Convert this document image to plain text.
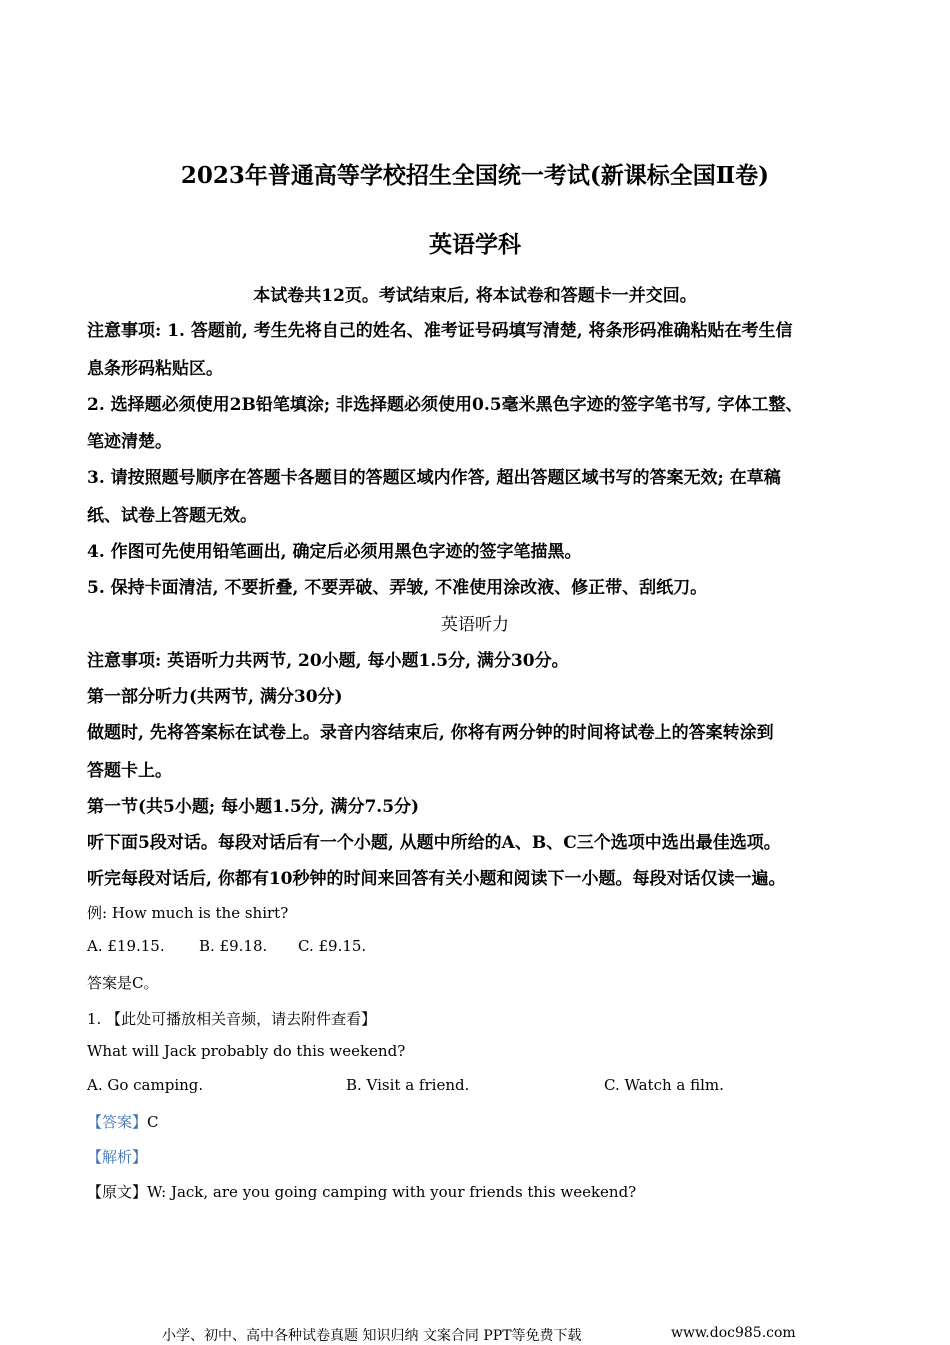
2023年普通高等学校招生全国统一考试(新课标全国Ⅱ卷)
英语学科
本试卷共12页。考试结束后, 将本试卷和答题卡一并交回。
注意事项: 1. 答题前, 考生先将自己的姓名、准考证号码填写清楚, 将条形码准确粘贴在考生信
息条形码粘贴区。
2. 选择题必须使用2B铅笔填涂; 非选择题必须使用0.5毫米黑色字迹的签字笔书写, 字体工整、
笔迹清楚。
3. 请按照题号顺序在答题卡各题目的答题区域内作答, 超出答题区域书写的答案无效; 在草稿
纸、试卷上答题无效。
4. 作图可先使用铅笔画出, 确定后必须用黑色字迹的签字笔描黑。
5. 保持卡面清洁, 不要折叠, 不要弄破、弄皱, 不准使用涂改液、修正带、刮纸刀。
英语听力
注意事项: 英语听力共两节, 20小题, 每小题1.5分, 满分30分。
第一部分听力(共两节, 满分30分)
做题时, 先将答案标在试卷上。录音内容结束后, 你将有两分钟的时间将试卷上的答案转涂到
答题卡上。
第一节(共5小题; 每小题1.5分, 满分7.5分)
听下面5段对话。每段对话后有一个小题, 从题中所给的A、B、C三个选项中选出最佳选项。
听完每段对话后, 你都有10秒钟的时间来回答有关小题和阅读下一小题。每段对话仅读一遍。
例: How much is the shirt?
A. £19.15. B. £9.18. C. £9.15.
答案是C。
1. 【此处可播放相关音频，请去附件查看】
What will Jack probably do this weekend?
A. Go camping.	B. Visit a friend.	C. Watch a film.
【答案】C
【解析】
【原文】W: Jack, are you going camping with your friends this weekend?
小学、初中、高中各种试卷真题 知识归纳 文案合同 PPT等免费下载	www.doc985.com
